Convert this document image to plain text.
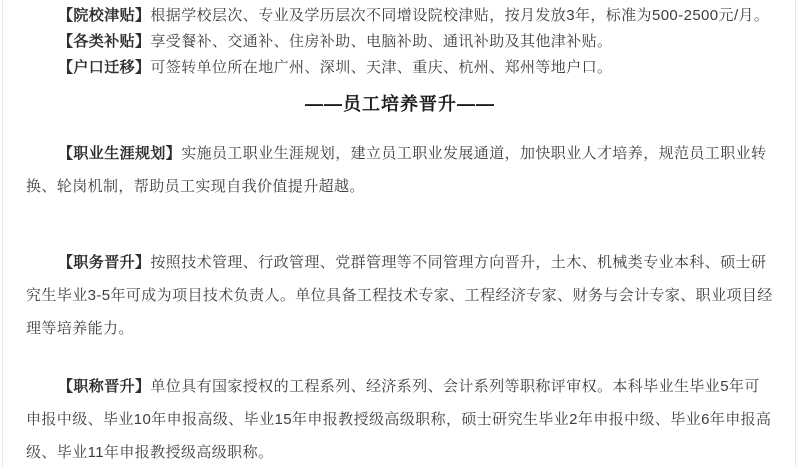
【院校津贴】根据学校层次、专业及学历层次不同增设院校津贴，按月发放3年，标准为500-2500元/月。

【各类补贴】享受餐补、交通补、住房补助、电脑补助、通讯补助及其他津补贴。

【户口迁移】可签转单位所在地广州、深圳、天津、重庆、杭州、郑州等地户口。

——员工培养晋升——

【职业生涯规划】实施员工职业生涯规划，建立员工职业发展通道，加快职业人才培养，规范员工职业转换、轮岗机制，帮助员工实现自我价值提升超越。

【职务晋升】按照技术管理、行政管理、党群管理等不同管理方向晋升，土木、机械类专业本科、硕士研究生毕业3-5年可成为项目技术负责人。单位具备工程技术专家、工程经济专家、财务与会计专家、职业项目经理等培养能力。

【职称晋升】单位具有国家授权的工程系列、经济系列、会计系列等职称评审权。本科毕业生毕业5年可申报中级、毕业10年申报高级、毕业15年申报教授级高级职称，硕士研究生毕业2年申报中级、毕业6年申报高级、毕业11年申报教授级高级职称。
